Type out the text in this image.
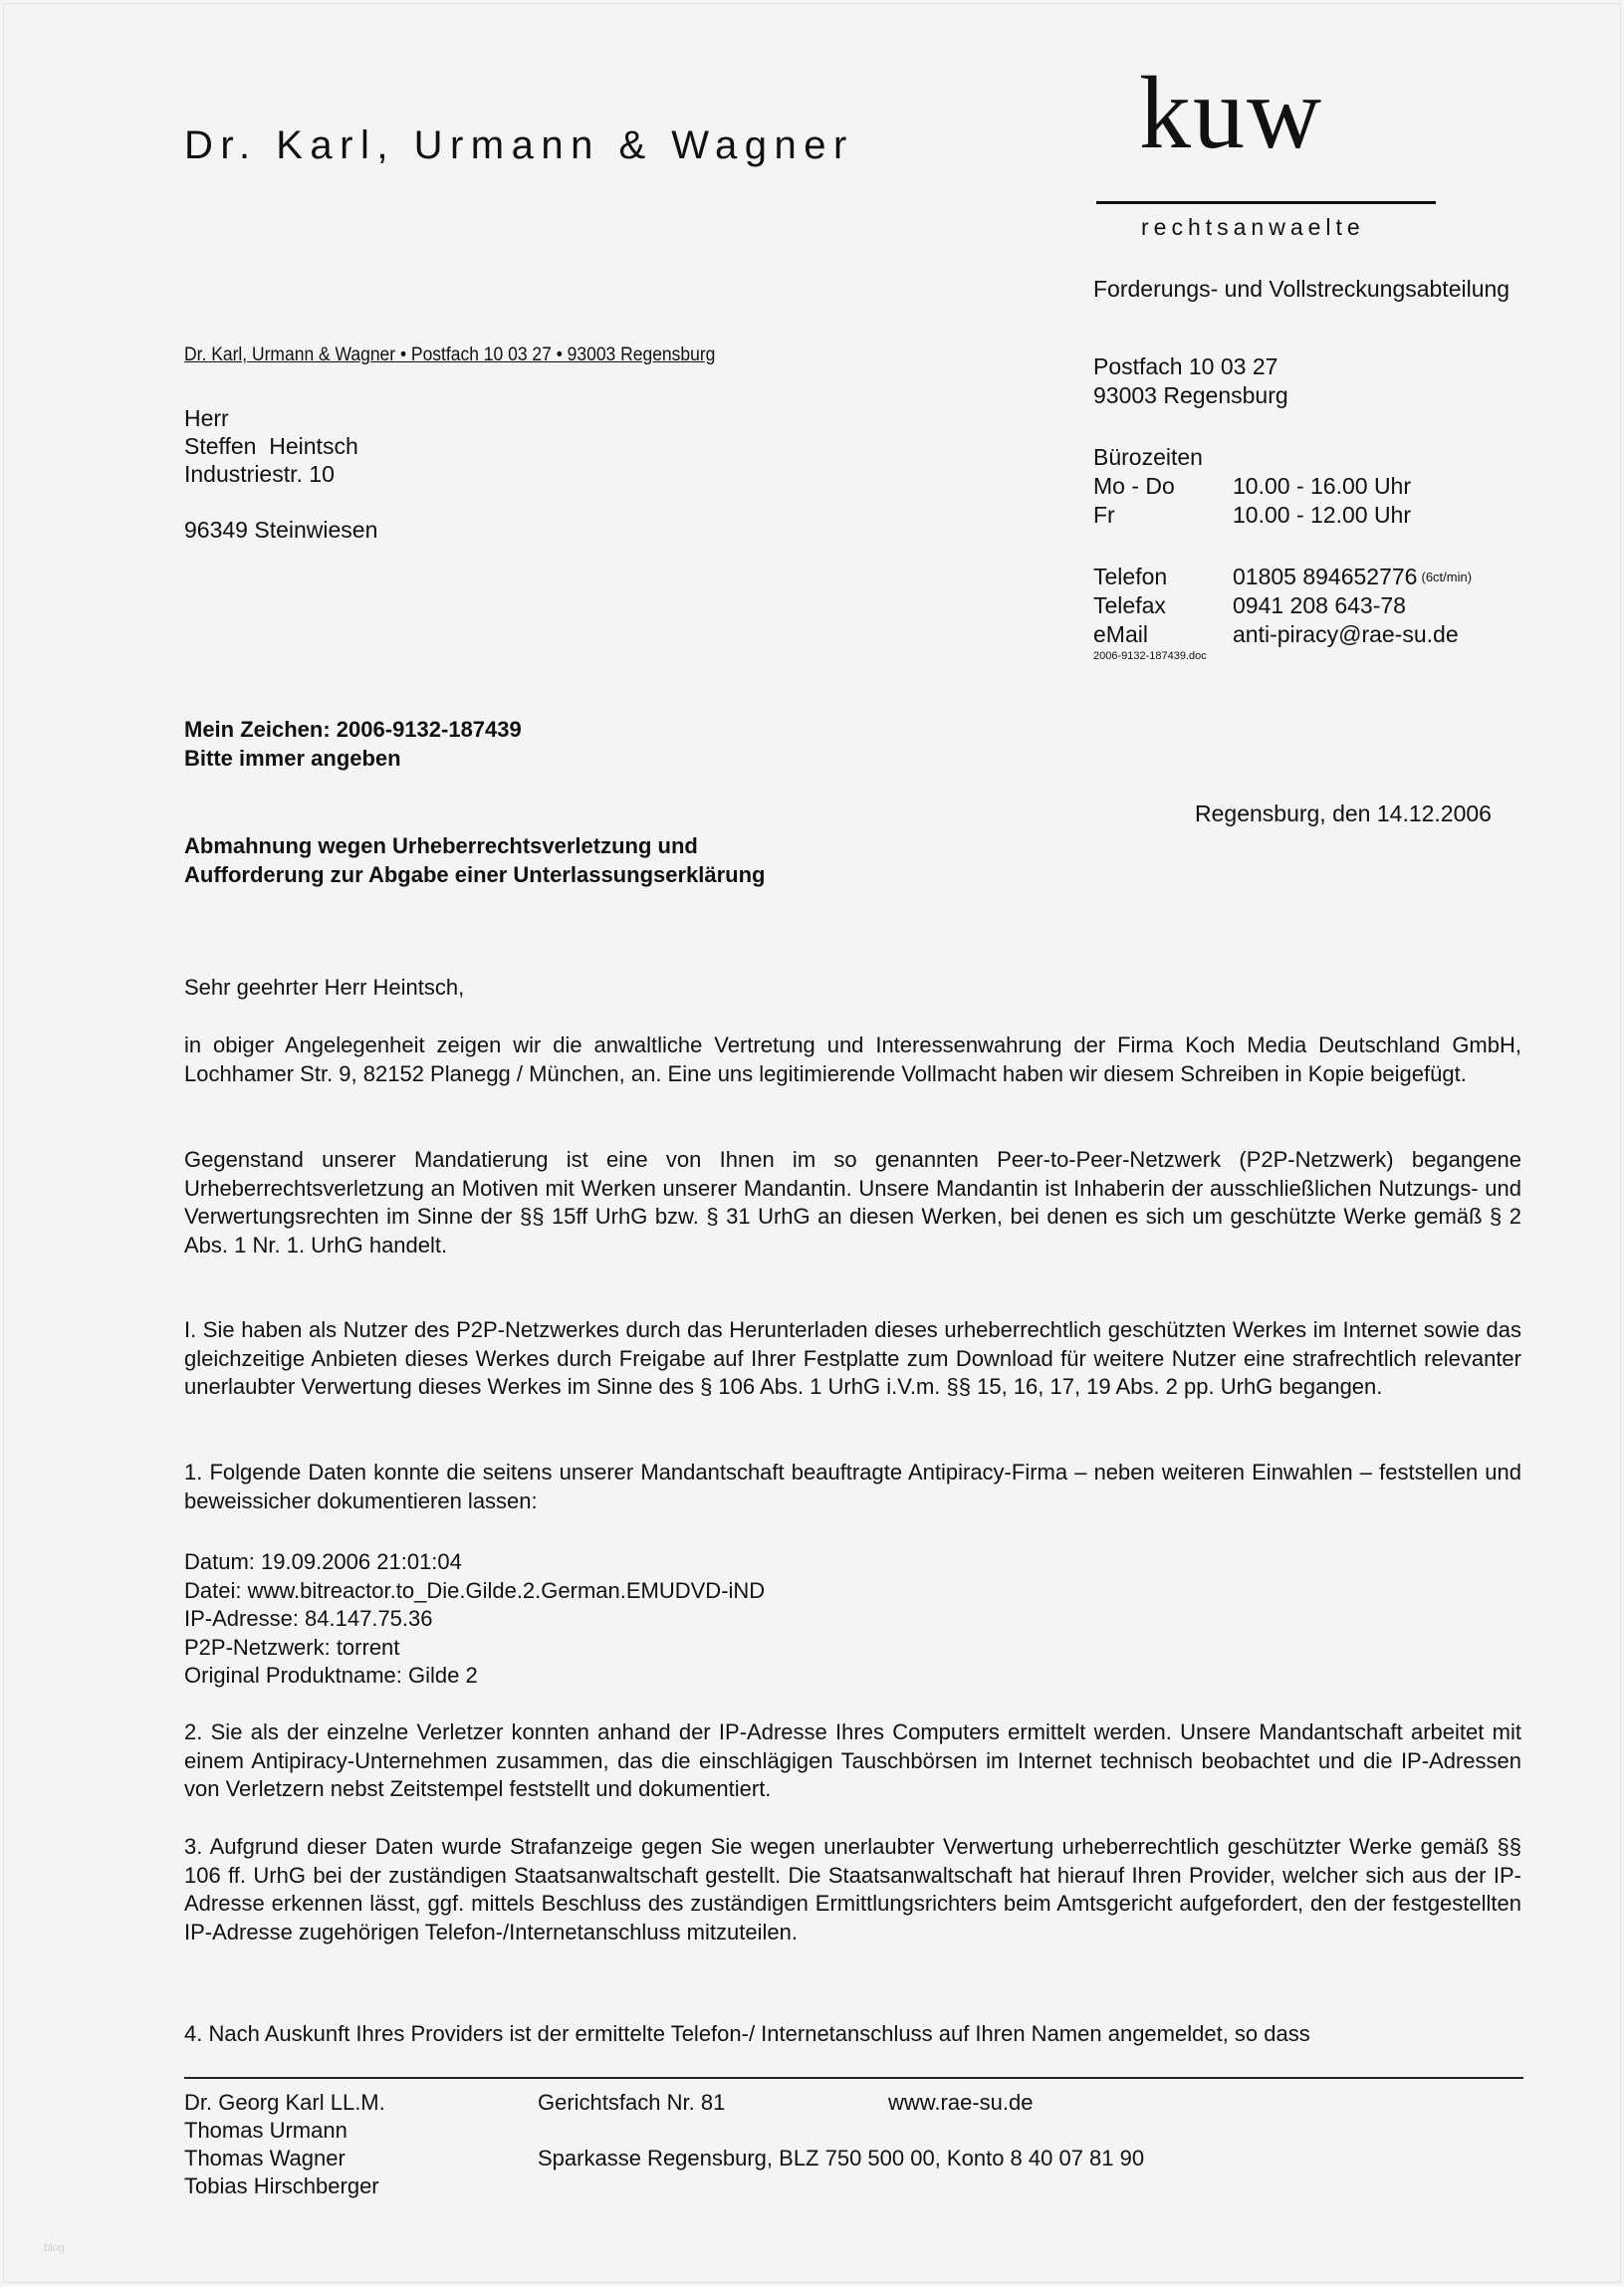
Dr. Karl, Urmann & Wagner	kuw
rechtsanwaelte
Forderungs- und Vollstreckungsabteilung
Postfach 10 03 27
93003 Regensburg
Bürozeiten
Mo - Do	10.00 - 16.00 Uhr
Fr	10.00 - 12.00 Uhr
Telefon	01805 894652776 (6ct/min)
Telefax	0941 208 643-78
eMail	anti-piracy@rae-su.de
2006-9132-187439.doc
Dr. Karl, Urmann & Wagner • Postfach 10 03 27 • 93003 Regensburg
Herr
Steffen  Heintsch
Industriestr. 10
96349 Steinwiesen
Mein Zeichen: 2006-9132-187439
Bitte immer angeben
Regensburg, den 14.12.2006
Abmahnung wegen Urheberrechtsverletzung und
Aufforderung zur Abgabe einer Unterlassungserklärung
Sehr geehrter Herr Heintsch,
in obiger Angelegenheit zeigen wir die anwaltliche Vertretung und Interessenwahrung der Firma Koch Media Deutschland GmbH, Lochhamer Str. 9, 82152 Planegg / München, an. Eine uns legitimierende Vollmacht haben wir diesem Schreiben in Kopie beigefügt.
Gegenstand unserer Mandatierung ist eine von Ihnen im so genannten Peer-to-Peer-Netzwerk (P2P-Netzwerk) begangene Urheberrechtsverletzung an Motiven mit Werken unserer Mandantin. Unsere Mandantin ist Inhaberin der ausschließlichen Nutzungs- und Verwertungsrechten im Sinne der §§ 15ff UrhG bzw. § 31 UrhG an diesen Werken, bei denen es sich um geschützte Werke gemäß § 2 Abs. 1 Nr. 1. UrhG handelt.
I. Sie haben als Nutzer des P2P-Netzwerkes durch das Herunterladen dieses urheberrechtlich geschützten Werkes im Internet sowie das gleichzeitige Anbieten dieses Werkes durch Freigabe auf Ihrer Festplatte zum Download für weitere Nutzer eine strafrechtlich relevanter unerlaubter Verwertung dieses Werkes im Sinne des § 106 Abs. 1 UrhG i.V.m. §§ 15, 16, 17, 19 Abs. 2 pp. UrhG begangen.
1. Folgende Daten konnte die seitens unserer Mandantschaft beauftragte Antipiracy-Firma – neben weiteren Einwahlen – feststellen und beweissicher dokumentieren lassen:
Datum: 19.09.2006 21:01:04
Datei: www.bitreactor.to_Die.Gilde.2.German.EMUDVD-iND
IP-Adresse: 84.147.75.36
P2P-Netzwerk: torrent
Original Produktname: Gilde 2
2. Sie als der einzelne Verletzer konnten anhand der IP-Adresse Ihres Computers ermittelt werden. Unsere Mandantschaft arbeitet mit einem Antipiracy-Unternehmen zusammen, das die einschlägigen Tauschbörsen im Internet technisch beobachtet und die IP-Adressen von Verletzern nebst Zeitstempel feststellt und dokumentiert.
3. Aufgrund dieser Daten wurde Strafanzeige gegen Sie wegen unerlaubter Verwertung urheberrechtlich geschützter Werke gemäß §§ 106 ff. UrhG bei der zuständigen Staatsanwaltschaft gestellt. Die Staatsanwaltschaft hat hierauf Ihren Provider, welcher sich aus der IP-Adresse erkennen lässt, ggf. mittels Beschluss des zuständigen Ermittlungsrichters beim Amtsgericht aufgefordert, den der festgestellten IP-Adresse zugehörigen Telefon-/Internetanschluss mitzuteilen.
4. Nach Auskunft Ihres Providers ist der ermittelte Telefon-/ Internetanschluss auf Ihren Namen angemeldet, so dass
Dr. Georg Karl LL.M.
Thomas Urmann
Thomas Wagner
Tobias Hirschberger
Gerichtsfach Nr. 81	www.rae-su.de
Sparkasse Regensburg, BLZ 750 500 00, Konto 8 40 07 81 90
blog
